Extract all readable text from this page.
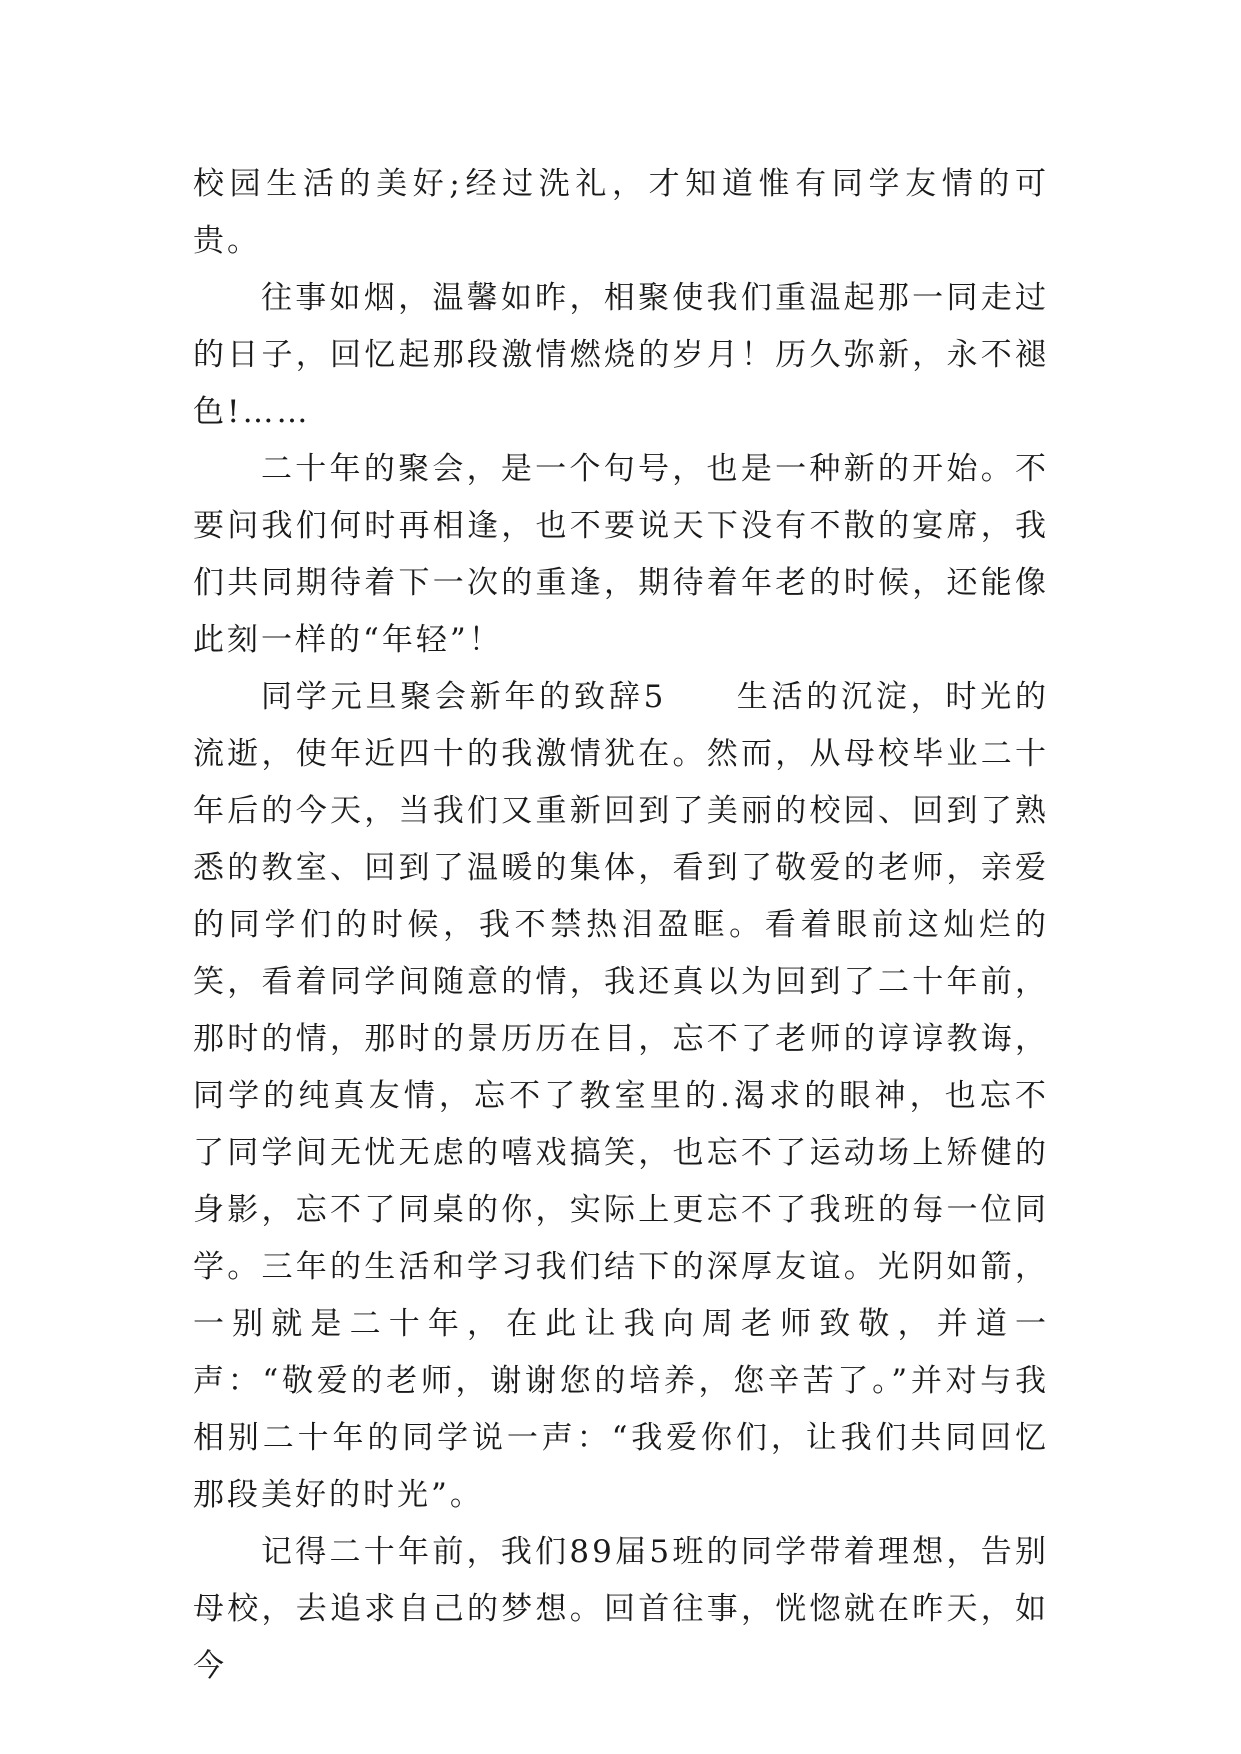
校园生活的美好;经过洗礼，才知道惟有同学友情的可贵。

往事如烟，温馨如昨，相聚使我们重温起那一同走过的日子，回忆起那段激情燃烧的岁月！历久弥新，永不褪色!……

二十年的聚会，是一个句号，也是一种新的开始。不要问我们何时再相逢，也不要说天下没有不散的宴席，我们共同期待着下一次的重逢，期待着年老的时候，还能像此刻一样的“年轻”！

同学元旦聚会新年的致辞5　　生活的沉淀，时光的流逝，使年近四十的我激情犹在。然而，从母校毕业二十年后的今天，当我们又重新回到了美丽的校园、回到了熟悉的教室、回到了温暖的集体，看到了敬爱的老师，亲爱的同学们的时候，我不禁热泪盈眶。看着眼前这灿烂的笑，看着同学间随意的情，我还真以为回到了二十年前，那时的情，那时的景历历在目，忘不了老师的谆谆教诲，同学的纯真友情，忘不了教室里的.渴求的眼神，也忘不了同学间无忧无虑的嘻戏搞笑，也忘不了运动场上矫健的身影，忘不了同桌的你，实际上更忘不了我班的每一位同学。三年的生活和学习我们结下的深厚友谊。光阴如箭，一别就是二十年，在此让我向周老师致敬，并道一声：“敬爱的老师，谢谢您的培养，您辛苦了。”并对与我相别二十年的同学说一声：“我爱你们，让我们共同回忆那段美好的时光”。

记得二十年前，我们89届5班的同学带着理想，告别母校，去追求自己的梦想。回首往事，恍惚就在昨天，如今
